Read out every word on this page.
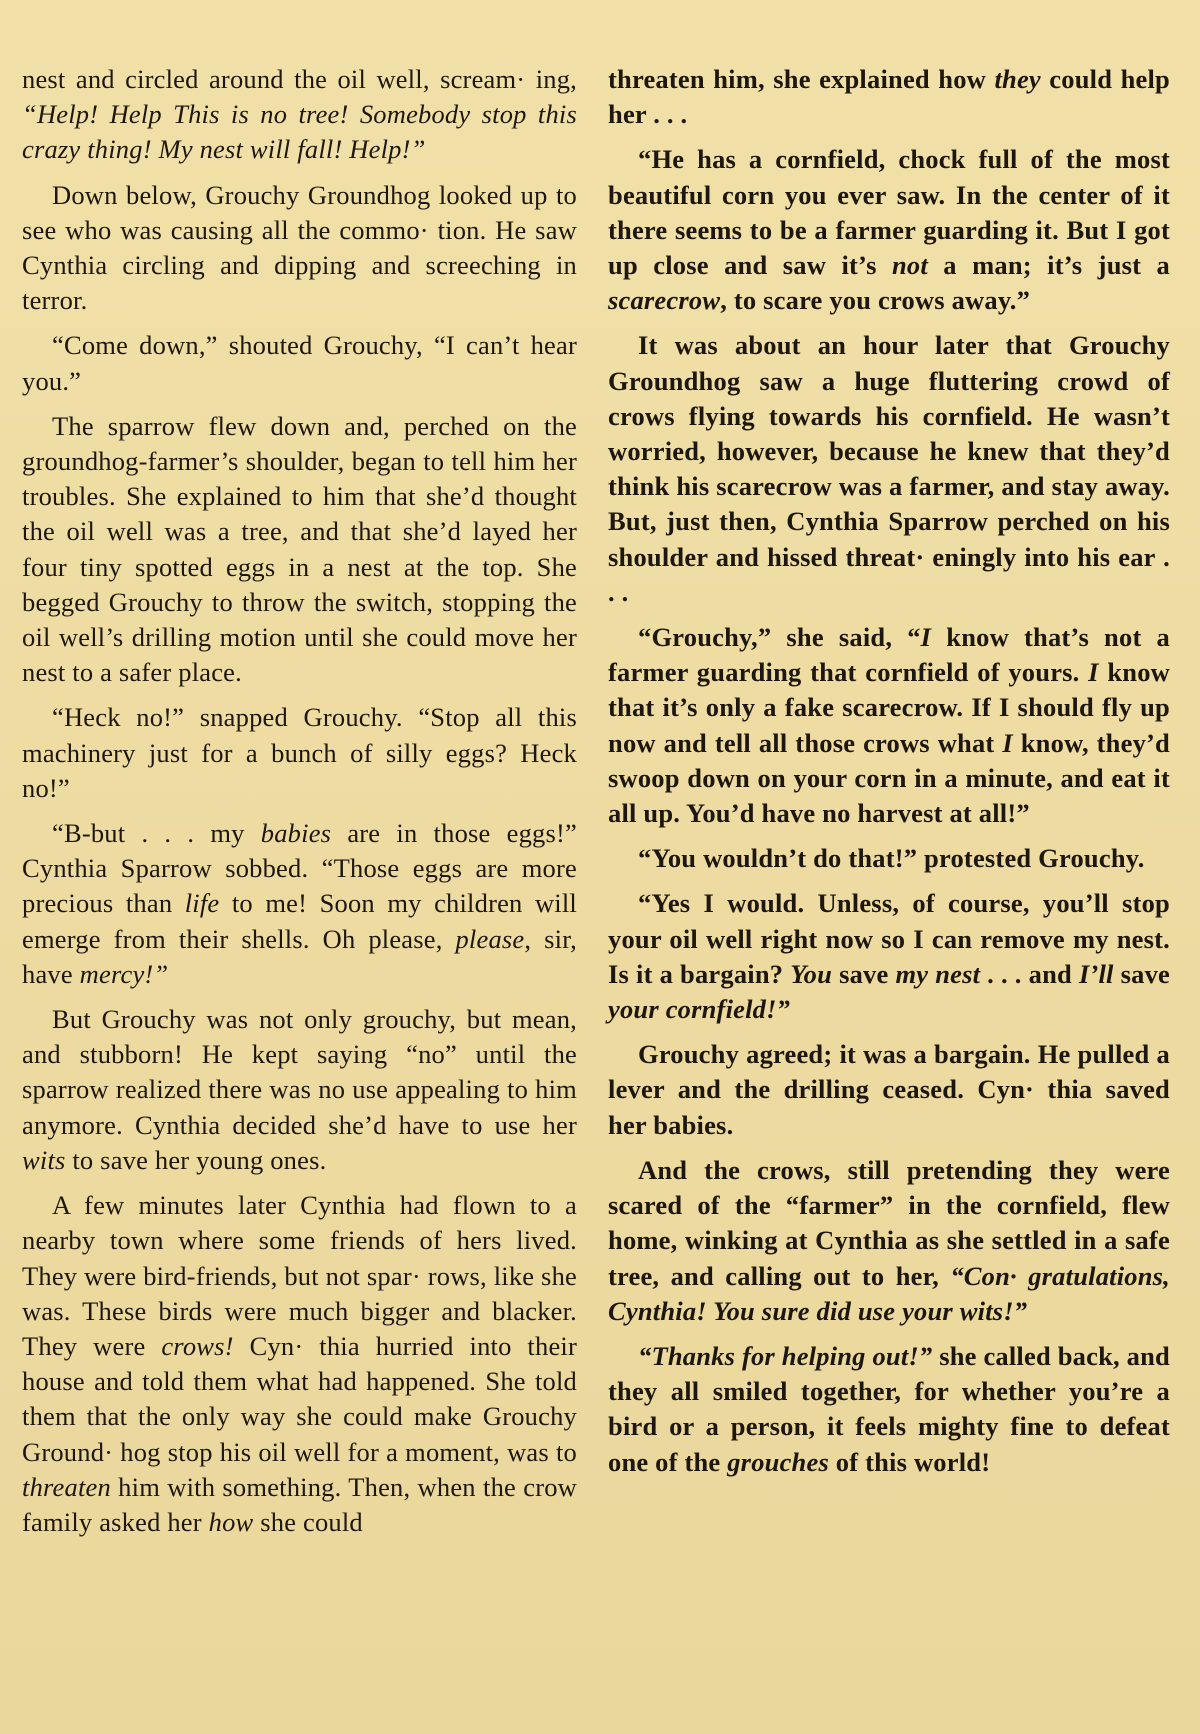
nest and circled around the oil well, scream· ing, “Help! Help This is no tree! Somebody stop this crazy thing! My nest will fall! Help!”

Down below, Grouchy Groundhog looked up to see who was causing all the commo· tion. He saw Cynthia circling and dipping and screeching in terror.

“Come down,” shouted Grouchy, “I can’t hear you.”

The sparrow flew down and, perched on the groundhog-farmer’s shoulder, began to tell him her troubles. She explained to him that she’d thought the oil well was a tree, and that she’d layed her four tiny spotted eggs in a nest at the top. She begged Grouchy to throw the switch, stopping the oil well’s drilling motion until she could move her nest to a safer place.

“Heck no!” snapped Grouchy. “Stop all this machinery just for a bunch of silly eggs? Heck no!”

“B-but . . . my babies are in those eggs!” Cynthia Sparrow sobbed. “Those eggs are more precious than life to me! Soon my children will emerge from their shells. Oh please, please, sir, have mercy!”

But Grouchy was not only grouchy, but mean, and stubborn! He kept saying “no” until the sparrow realized there was no use appealing to him anymore. Cynthia decided she’d have to use her wits to save her young ones.

A few minutes later Cynthia had flown to a nearby town where some friends of hers lived. They were bird-friends, but not spar· rows, like she was. These birds were much bigger and blacker. They were crows! Cyn· thia hurried into their house and told them what had happened. She told them that the only way she could make Grouchy Ground· hog stop his oil well for a moment, was to threaten him with something. Then, when the crow family asked her how she could

threaten him, she explained how they could help her . . .

“He has a cornfield, chock full of the most beautiful corn you ever saw. In the center of it there seems to be a farmer guarding it. But I got up close and saw it’s not a man; it’s just a scarecrow, to scare you crows away.”

It was about an hour later that Grouchy Groundhog saw a huge fluttering crowd of crows flying towards his cornfield. He wasn’t worried, however, because he knew that they’d think his scarecrow was a farmer, and stay away. But, just then, Cynthia Sparrow perched on his shoulder and hissed threat· eningly into his ear . . .

“Grouchy,” she said, “I know that’s not a farmer guarding that cornfield of yours. I know that it’s only a fake scarecrow. If I should fly up now and tell all those crows what I know, they’d swoop down on your corn in a minute, and eat it all up. You’d have no harvest at all!”

“You wouldn’t do that!” protested Grouchy.

“Yes I would. Unless, of course, you’ll stop your oil well right now so I can remove my nest. Is it a bargain? You save my nest . . . and I’ll save your cornfield!”

Grouchy agreed; it was a bargain. He pulled a lever and the drilling ceased. Cyn· thia saved her babies.

And the crows, still pretending they were scared of the “farmer” in the cornfield, flew home, winking at Cynthia as she settled in a safe tree, and calling out to her, “Con· gratulations, Cynthia! You sure did use your wits!”

“Thanks for helping out!” she called back, and they all smiled together, for whether you’re a bird or a person, it feels mighty fine to defeat one of the grouches of this world!
